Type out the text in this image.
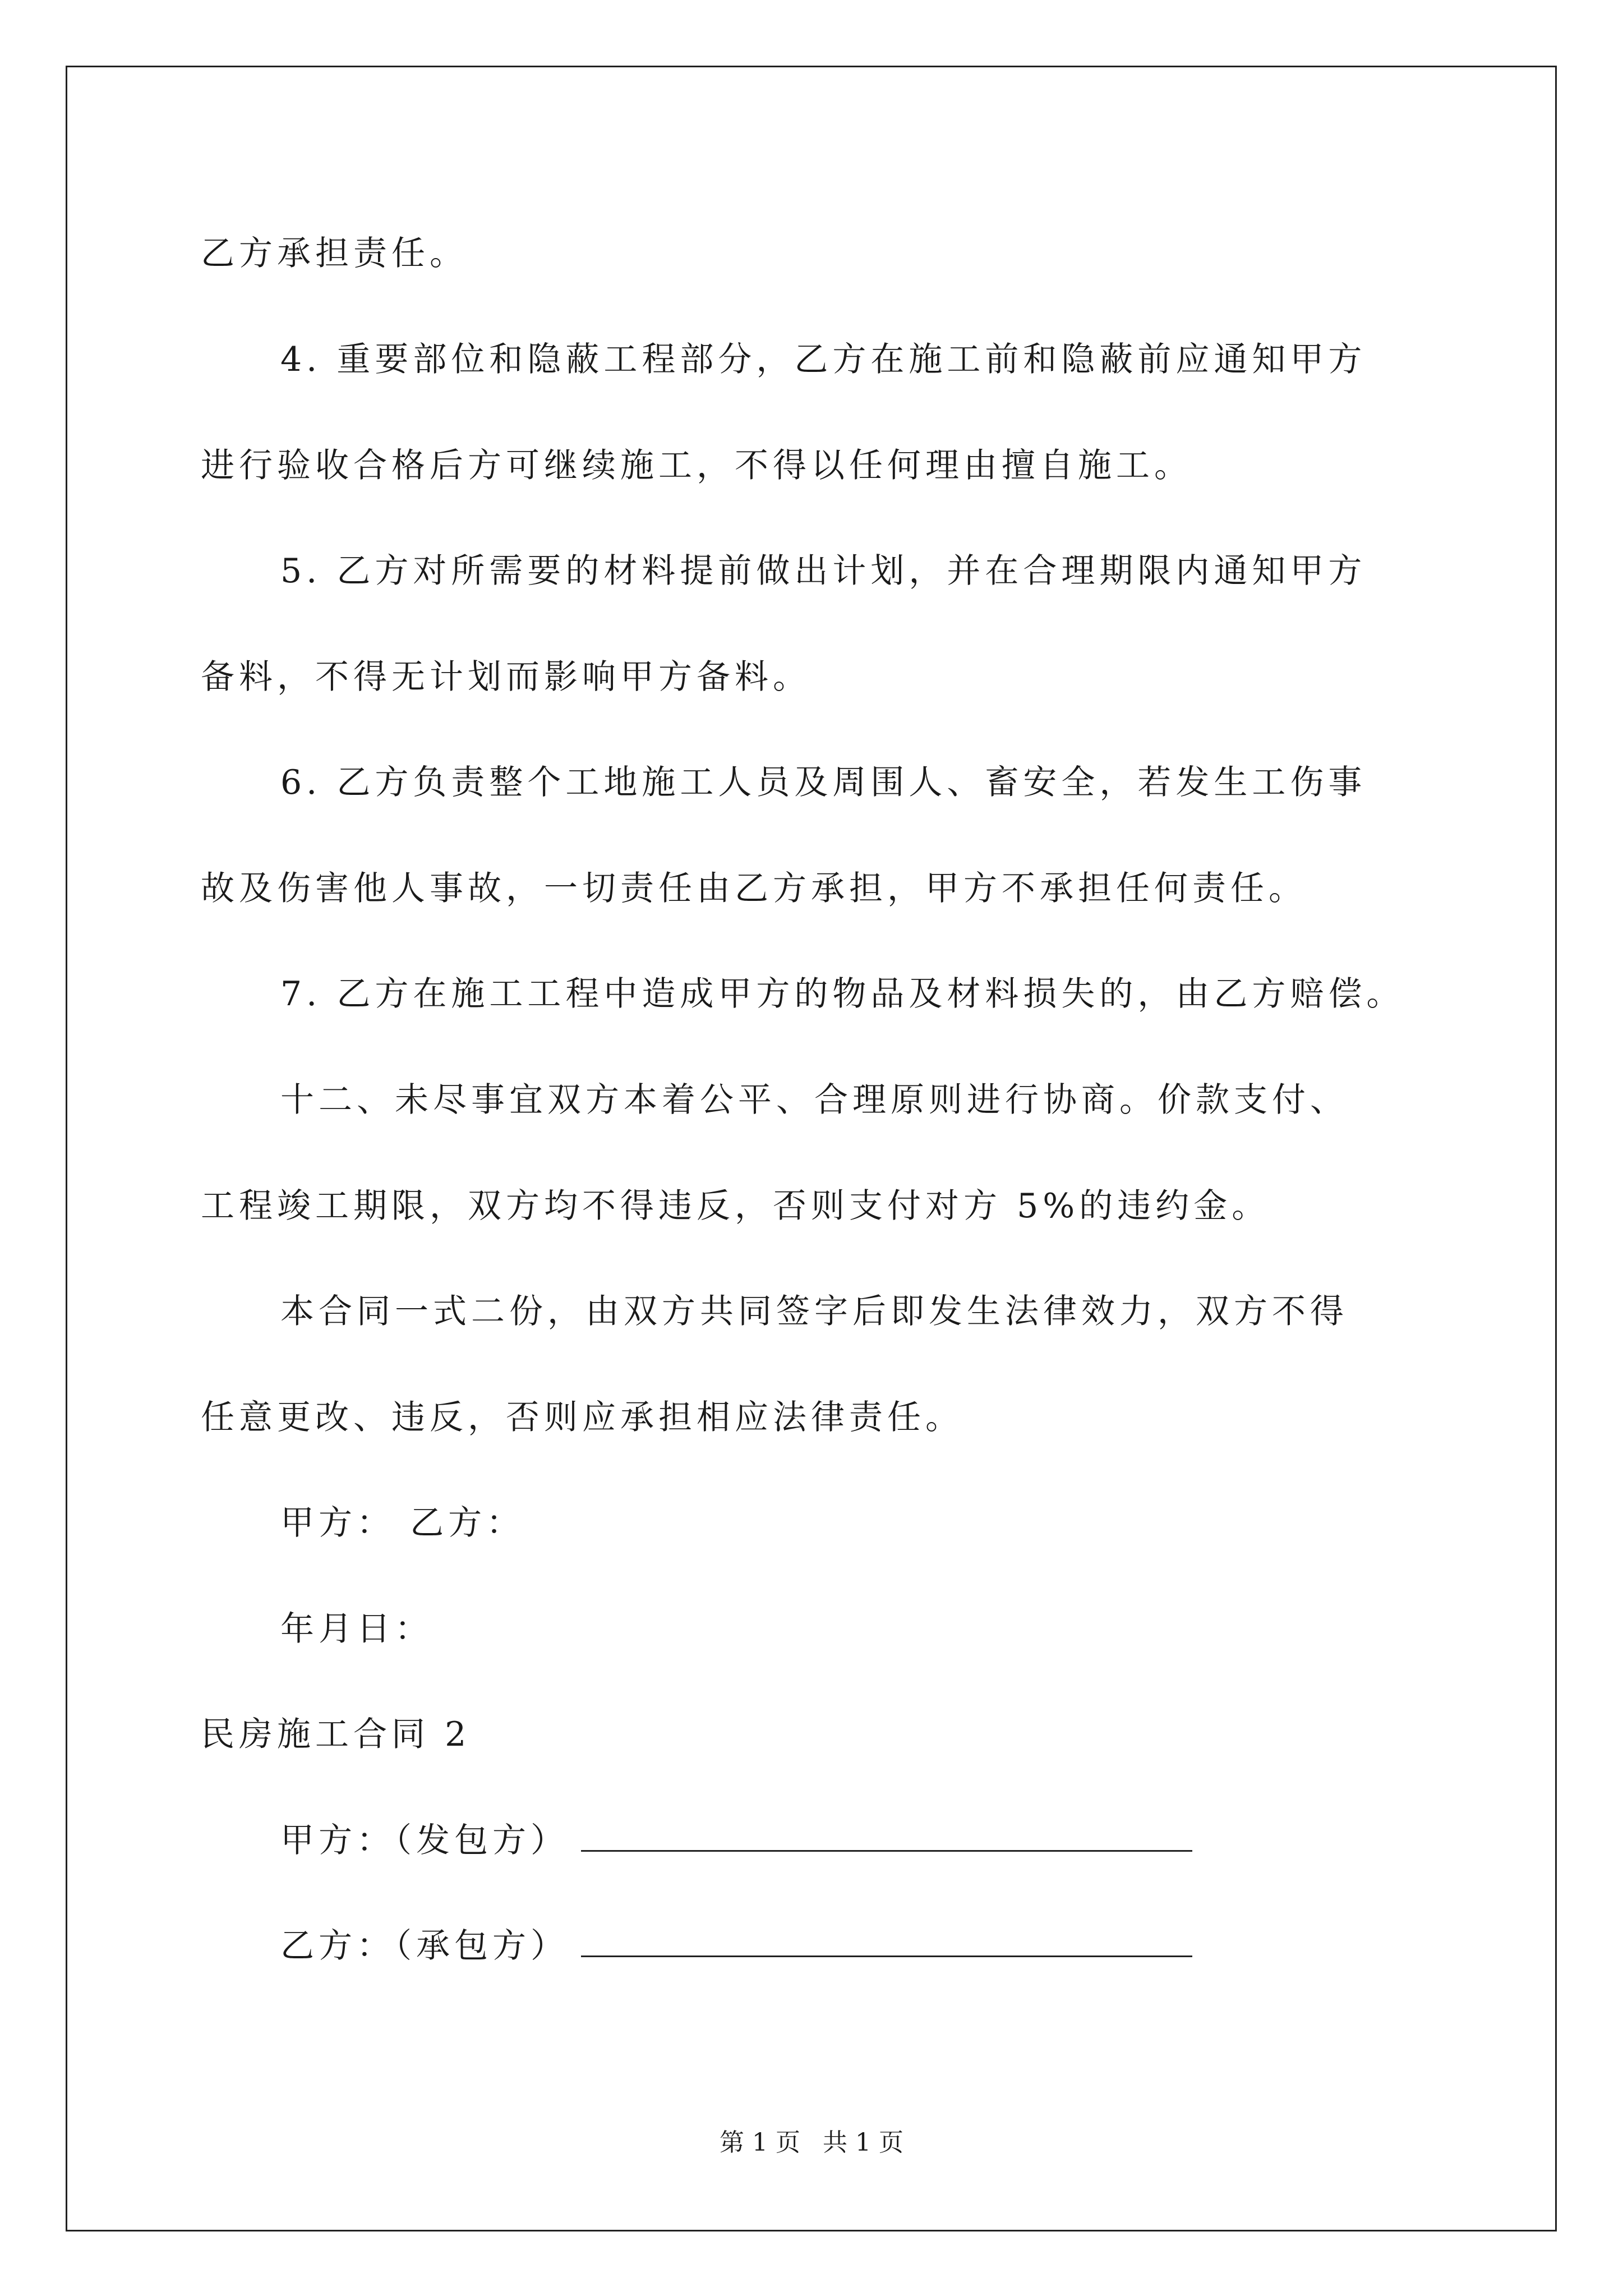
乙方承担责任。
4. 重要部位和隐蔽工程部分，乙方在施工前和隐蔽前应通知甲方
进行验收合格后方可继续施工，不得以任何理由擅自施工。
5. 乙方对所需要的材料提前做出计划，并在合理期限内通知甲方
备料，不得无计划而影响甲方备料。
6. 乙方负责整个工地施工人员及周围人、畜安全，若发生工伤事
故及伤害他人事故，一切责任由乙方承担，甲方不承担任何责任。
7. 乙方在施工工程中造成甲方的物品及材料损失的，由乙方赔偿。
十二、未尽事宜双方本着公平、合理原则进行协商。价款支付、
工程竣工期限，双方均不得违反，否则支付对方 5%的违约金。
本合同一式二份，由双方共同签字后即发生法律效力，双方不得
任意更改、违反，否则应承担相应法律责任。
甲方： 乙方：
年月日：
民房施工合同 2
甲方：（发包方）
乙方：（承包方）
第 1 页 共 1 页
